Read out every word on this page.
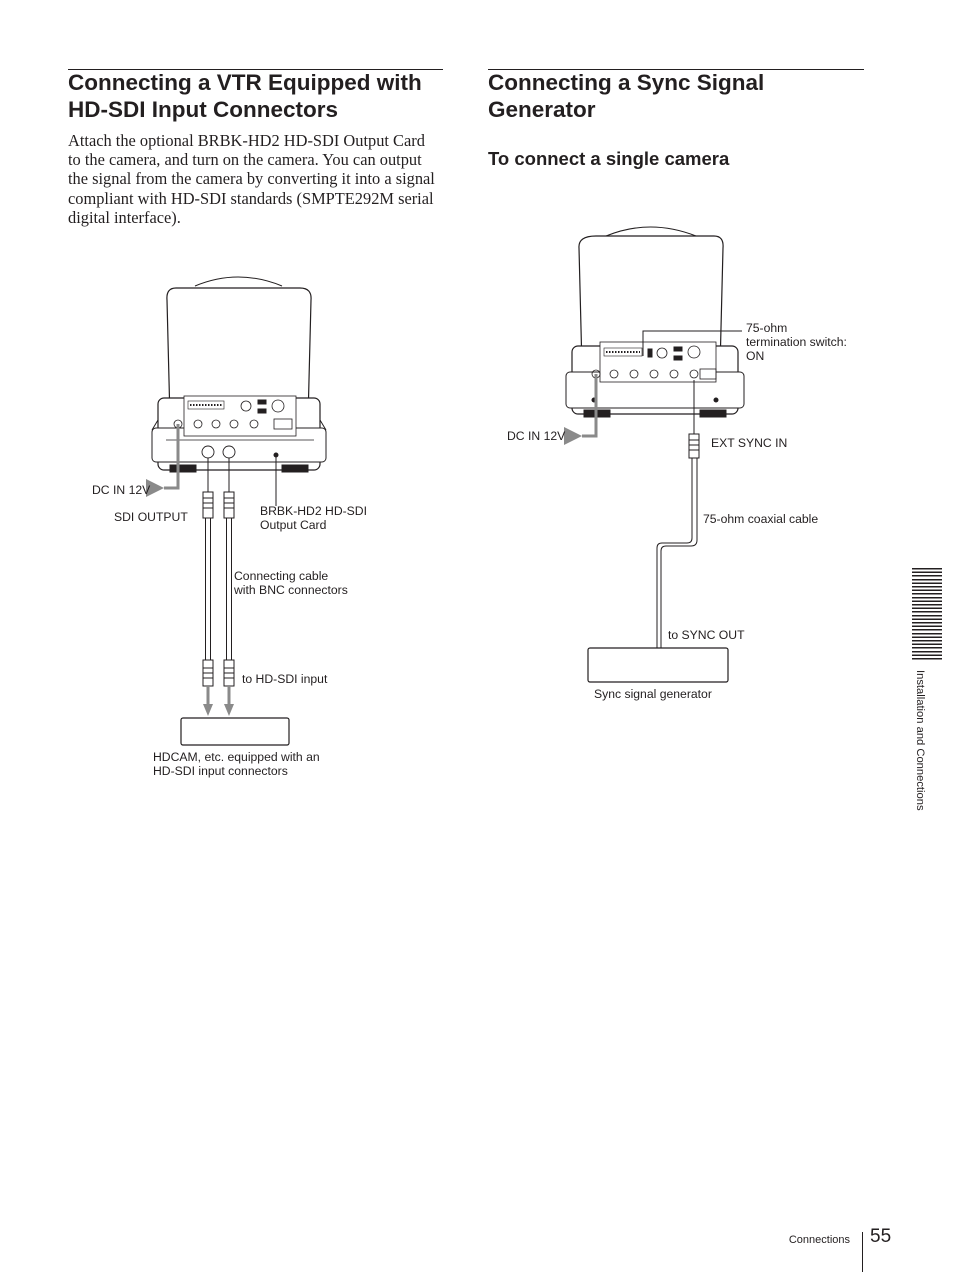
Connecting a VTR Equipped with
HD-SDI Input Connectors

Attach the optional BRBK-HD2 HD-SDI Output Card
to the camera, and turn on the camera. You can output
the signal from the camera by converting it into a signal
compliant with HD-SDI standards (SMPTE292M serial
digital interface).

Connecting a Sync Signal
Generator
To connect a single camera
DC IN 12V
SDI OUTPUT	BRBK-HD2 HD-SDI
Output Card
Connecting cable
with BNC connectors
to HD-SDI input
HDCAM, etc. equipped with an
HD-SDI input connectors
75-ohm
termination switch:
ON
DC IN 12V	EXT SYNC IN
75-ohm coaxial cable
to SYNC OUT
Sync signal generator	Installation and Connections
Connections 55
